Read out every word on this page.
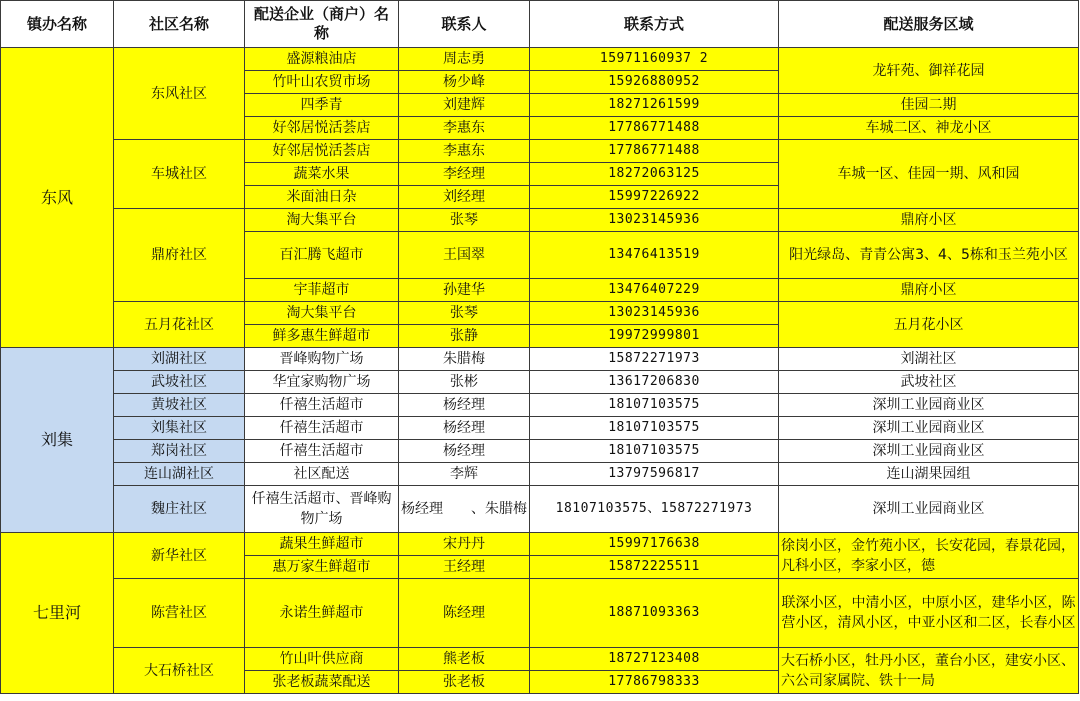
镇办名称	社区名称	配送企业（商户）名称	联系人	联系方式	配送服务区域
东风	东风社区	盛源粮油店	周志勇	15971160937 2	龙轩苑、御祥花园
		竹叶山农贸市场	杨少峰	15926880952	
		四季青	刘建辉	18271261599	佳园二期
		好邻居悦活荟店	李惠东	17786771488	车城二区、神龙小区
	车城社区	好邻居悦活荟店	李惠东	17786771488	车城一区、佳园一期、风和园
		蔬菜水果	李经理	18272063125	
		米面油日杂	刘经理	15997226922	
	鼎府社区	淘大集平台	张琴	13023145936	鼎府小区
		百汇腾飞超市	王国翠	13476413519	阳光绿岛、青青公寓3、4、5栋和玉兰苑小区
		宇菲超市	孙建华	13476407229	鼎府小区
	五月花社区	淘大集平台	张琴	13023145936	五月花小区
		鲜多惠生鲜超市	张静	19972999801	
刘集	刘湖社区	晋峰购物广场	朱腊梅	15872271973	刘湖社区
	武坡社区	华宜家购物广场	张彬	13617206830	武坡社区
	黄坡社区	仟禧生活超市	杨经理	18107103575	深圳工业园商业区
	刘集社区	仟禧生活超市	杨经理	18107103575	深圳工业园商业区
	郑岗社区	仟禧生活超市	杨经理	18107103575	深圳工业园商业区
	连山湖社区	社区配送	李辉	13797596817	连山湖果园组
	魏庄社区	仟禧生活超市、晋峰购物广场	杨经理　　、朱腊梅	18107103575、15872271973	深圳工业园商业区
七里河	新华社区	蔬果生鲜超市	宋丹丹	15997176638	徐岗小区，金竹苑小区，长安花园，春景花园，凡科小区，李家小区，德
		惠万家生鲜超市	王经理	15872225511	
	陈营社区	永诺生鲜超市	陈经理	18871093363	联深小区，中清小区，中原小区，建华小区，陈营小区，清风小区，中亚小区和二区，长春小区
	大石桥社区	竹山叶供应商	熊老板	18727123408	大石桥小区，牡丹小区，董台小区，建安小区、六公司家属院、铁十一局
		张老板蔬菜配送	张老板	17786798333	
